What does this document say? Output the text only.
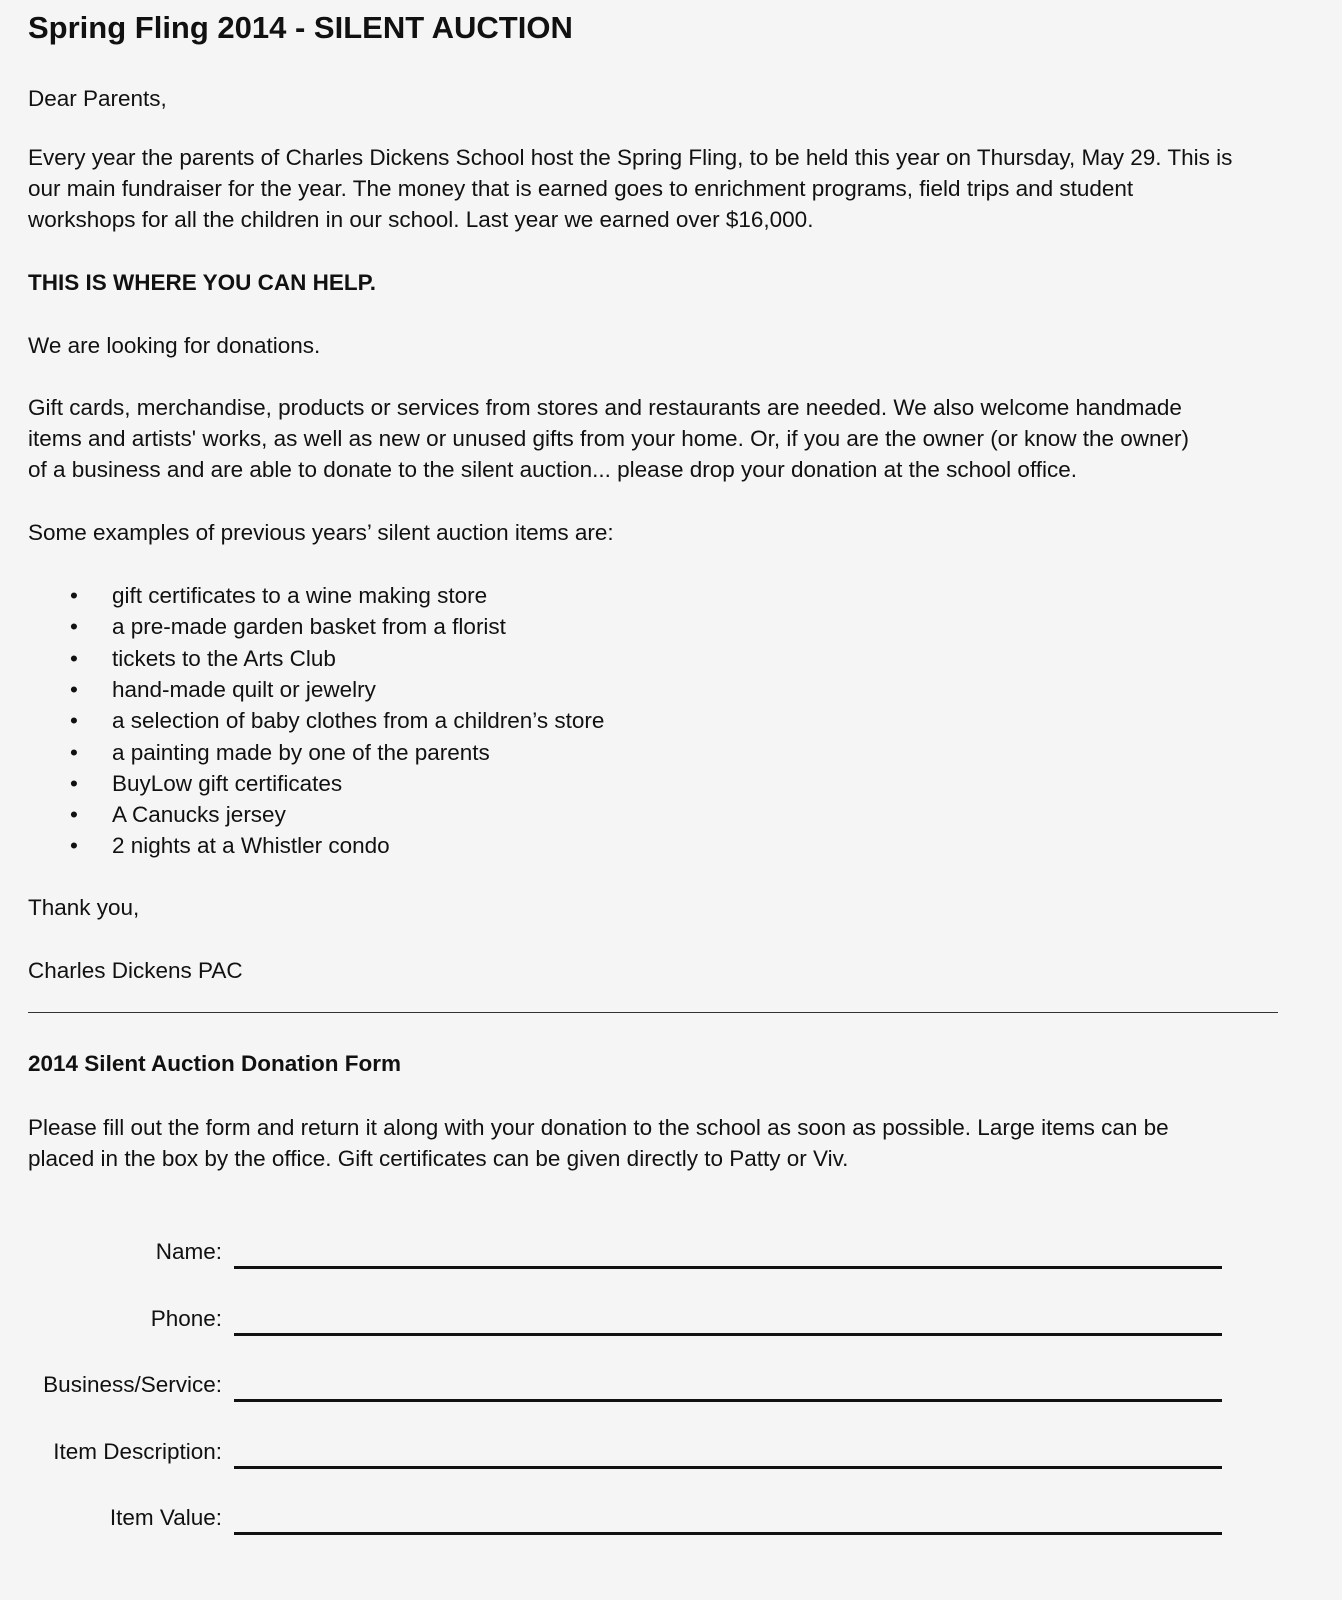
Spring Fling 2014 - SILENT AUCTION
Dear Parents,
Every year the parents of Charles Dickens School host the Spring Fling, to be held this year on Thursday, May 29. This is
our main fundraiser for the year. The money that is earned goes to enrichment programs, field trips and student
workshops for all the children in our school. Last year we earned over $16,000.
THIS IS WHERE YOU CAN HELP.
We are looking for donations.
Gift cards, merchandise, products or services from stores and restaurants are needed. We also welcome handmade
items and artists' works, as well as new or unused gifts from your home. Or, if you are the owner (or know the owner)
of a business and are able to donate to the silent auction... please drop your donation at the school office.
Some examples of previous years’ silent auction items are:
• gift certificates to a wine making store
• a pre-made garden basket from a florist
• tickets to the Arts Club
• hand-made quilt or jewelry
• a selection of baby clothes from a children’s store
• a painting made by one of the parents
• BuyLow gift certificates
• A Canucks jersey
• 2 nights at a Whistler condo
Thank you,
Charles Dickens PAC
2014 Silent Auction Donation Form
Please fill out the form and return it along with your donation to the school as soon as possible. Large items can be
placed in the box by the office. Gift certificates can be given directly to Patty or Viv.
Name:
Phone:
Business/Service:
Item Description:
Item Value:
